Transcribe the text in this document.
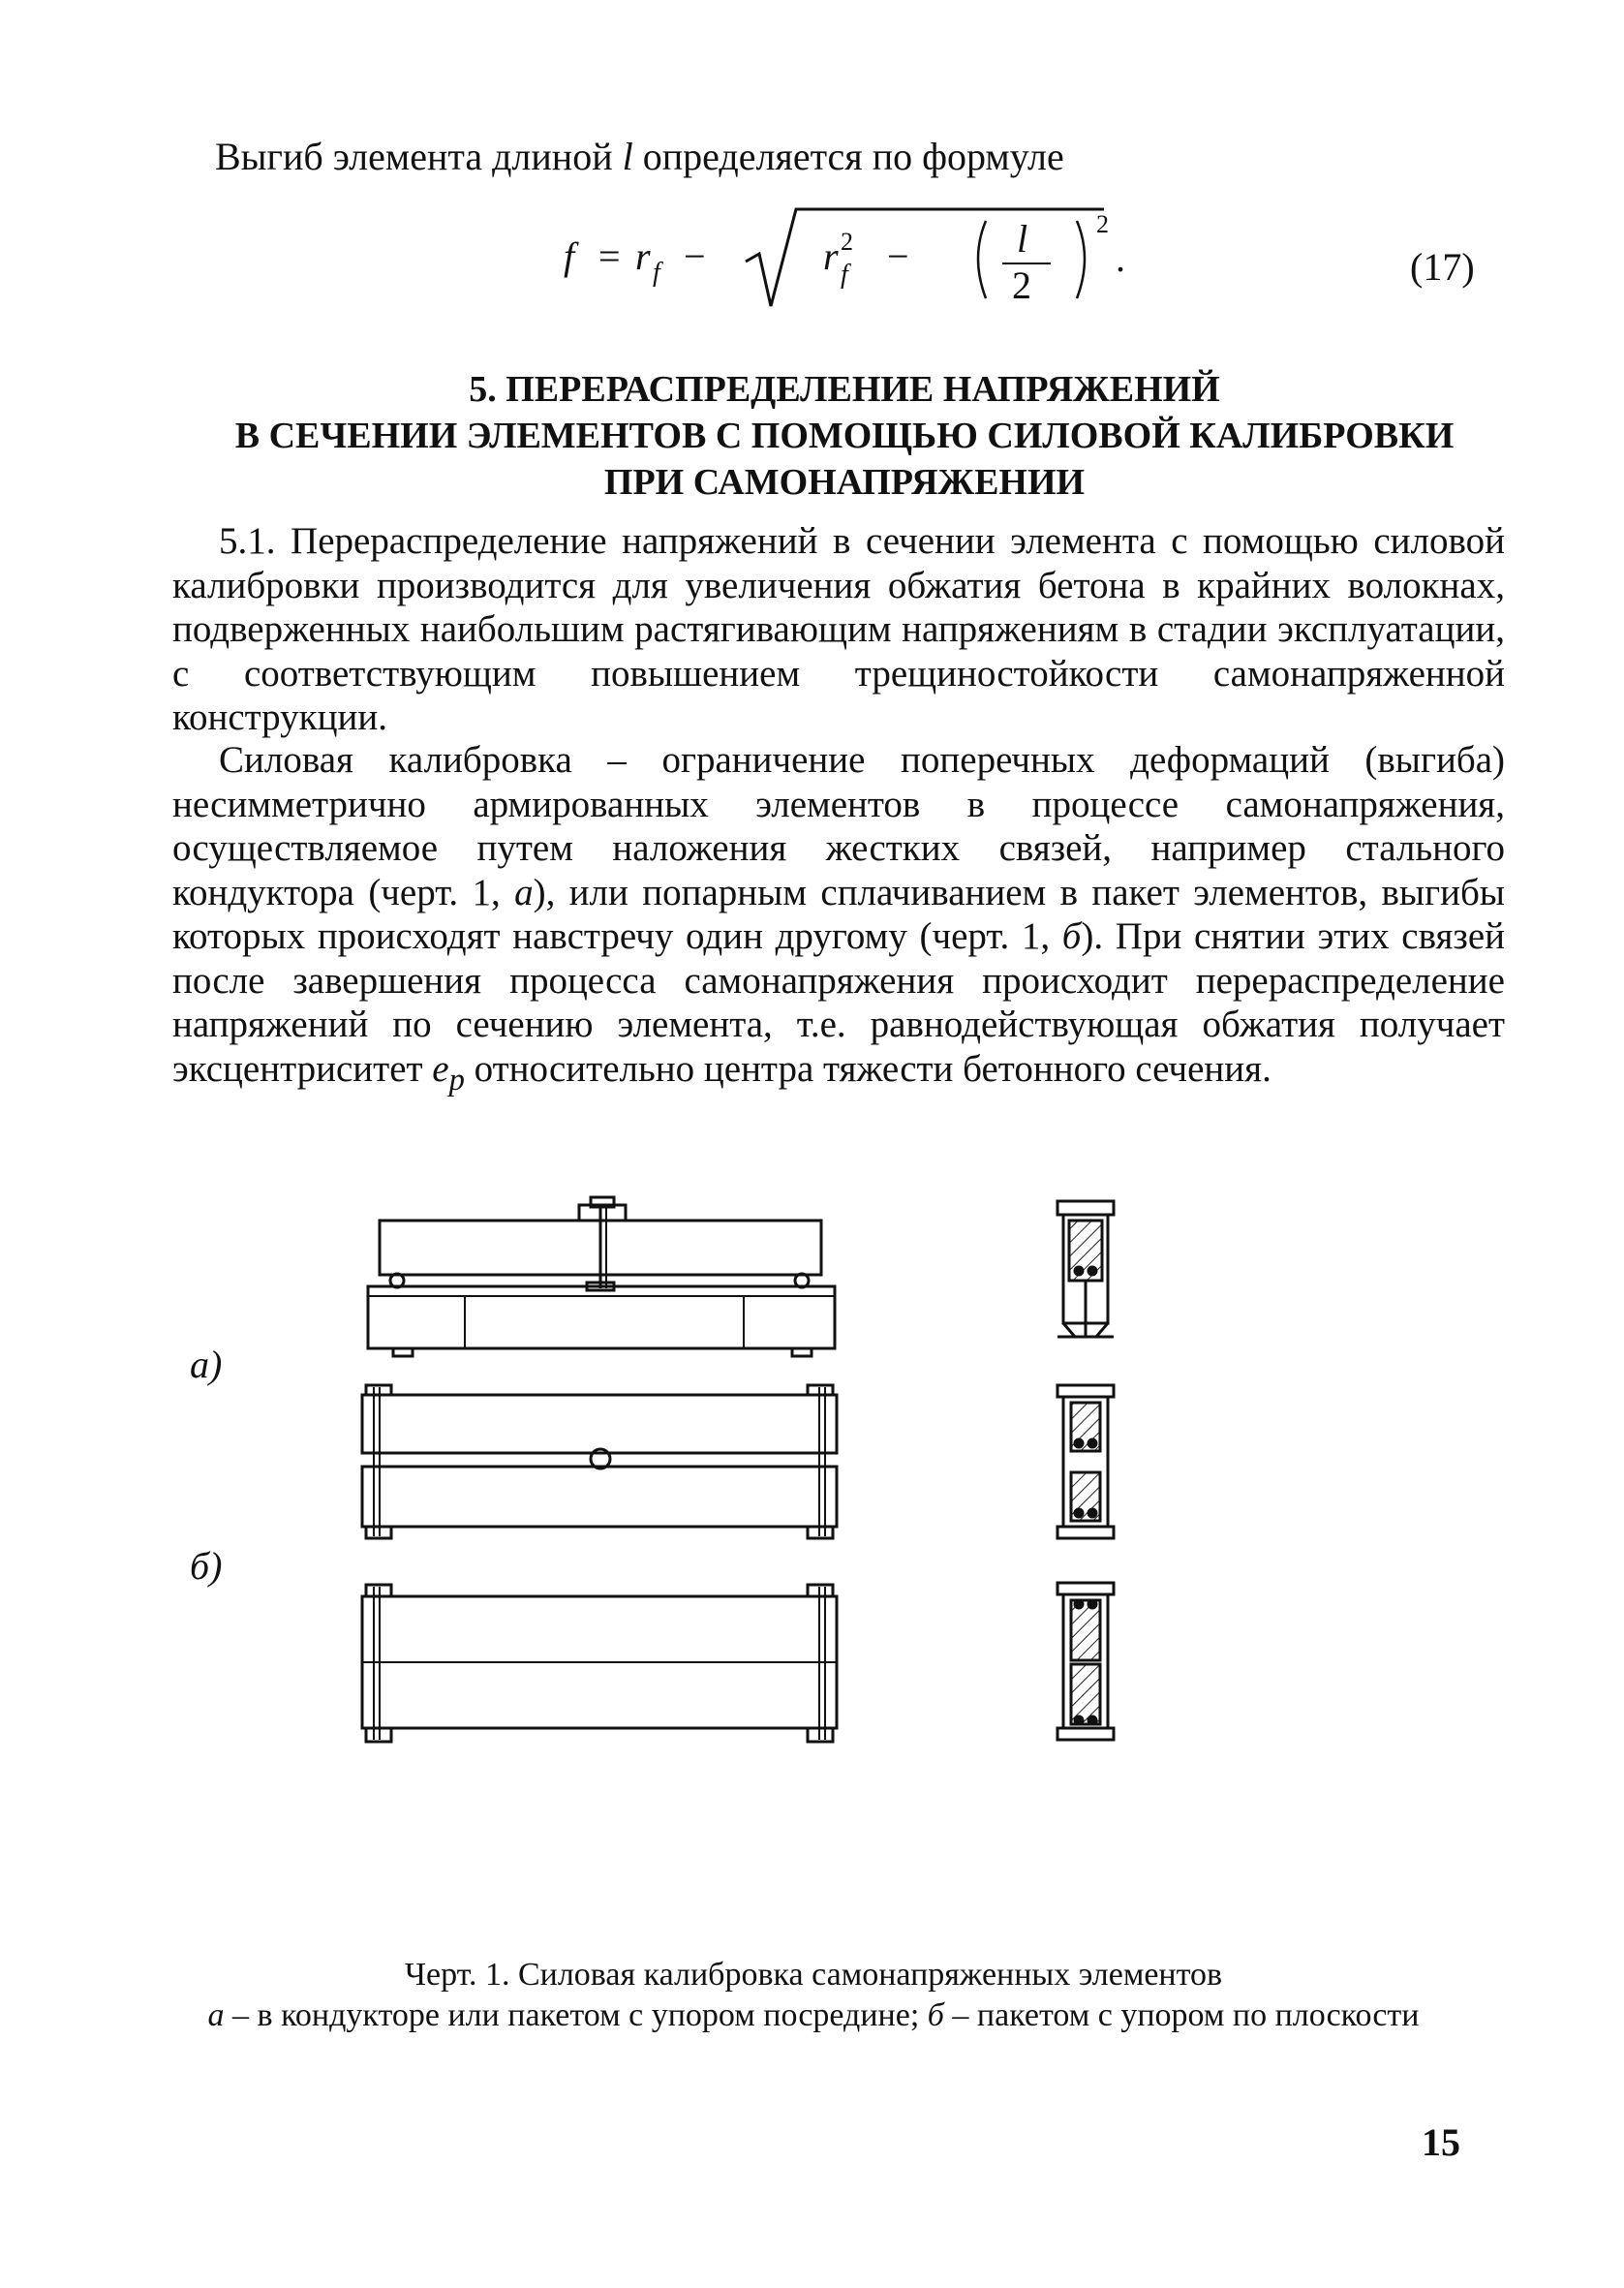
Выгиб элемента длиной l определяется по формуле
f = r f −	r 2
f −	l
2
2
.	(17)
5. ПЕРЕРАСПРЕДЕЛЕНИЕ НАПРЯЖЕНИЙ
В СЕЧЕНИИ ЭЛЕМЕНТОВ С ПОМОЩЬЮ СИЛОВОЙ КАЛИБРОВКИ
ПРИ САМОНАПРЯЖЕНИИ
5.1. Перераспределение напряжений в сечении элемента с помощью силовой калибровки производится для увеличения обжатия бетона в крайних волокнах, подверженных наибольшим растягивающим напряжениям в стадии эксплуатации, с соответствующим повышением трещиностойкости самонапряженной конструкции.
Силовая калибровка – ограничение поперечных деформаций (выгиба) несимметрично армированных элементов в процессе самонапряжения, осуществляемое путем наложения жестких связей, например стального кондуктора (черт. 1, а), или попарным сплачиванием в пакет элементов, выгибы которых происходят навстречу один другому (черт. 1, б). При снятии этих связей после завершения процесса самонапряжения происходит перераспределение напряжений по сечению элемента, т.е. равнодействующая обжатия получает эксцентриситет $e_p$ относительно центра тяжести бетонного сечения.
а)
б)
Черт. 1. Силовая калибровка самонапряженных элементов
а – в кондукторе или пакетом с упором посредине; б – пакетом с упором по плоскости
15
